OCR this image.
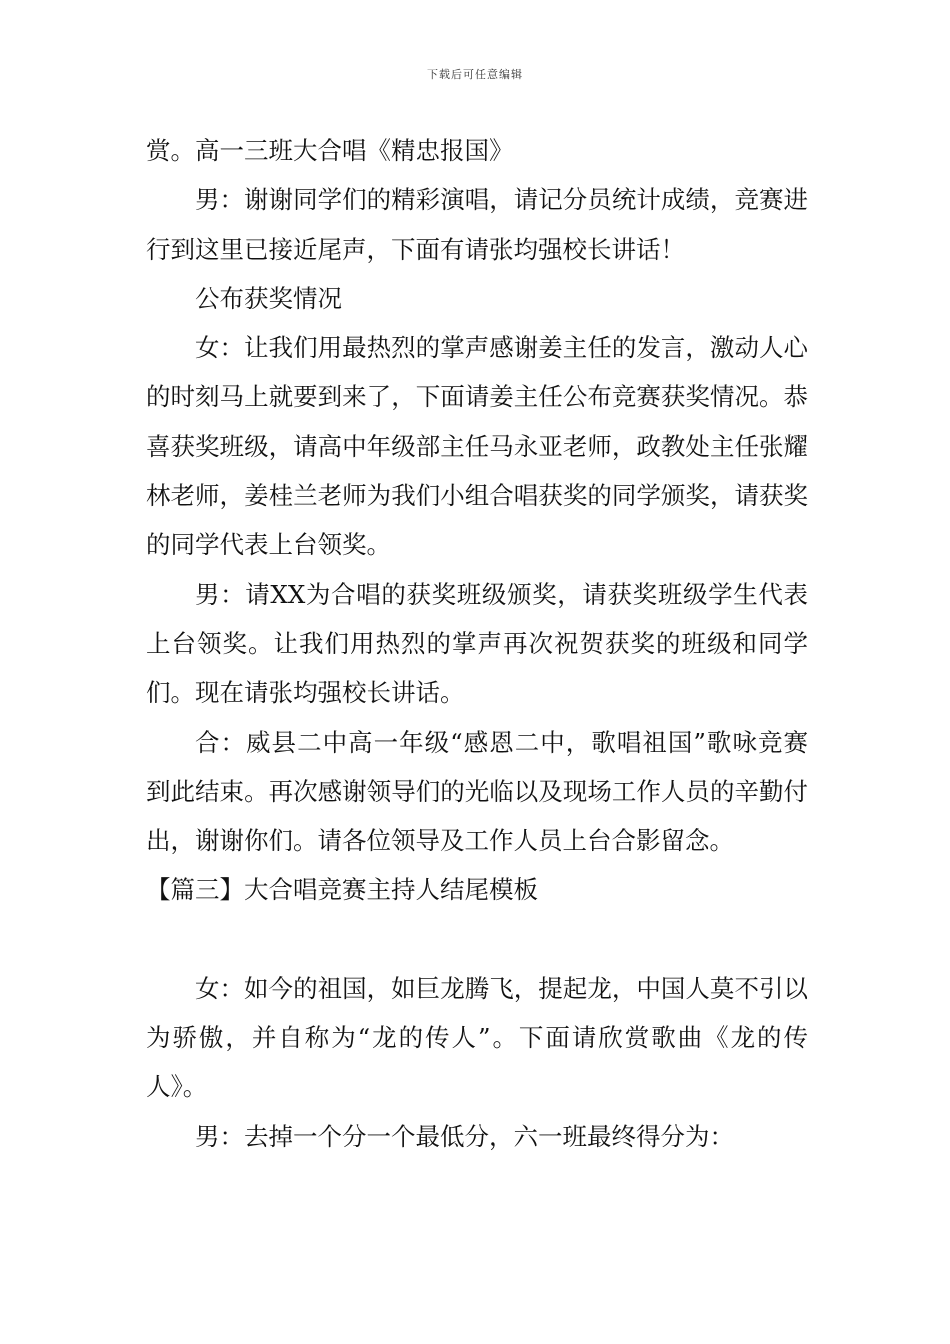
下载后可任意编辑

赏。高一三班大合唱《精忠报国》

男：谢谢同学们的精彩演唱，请记分员统计成绩，竞赛进行到这里已接近尾声，下面有请张均强校长讲话！

公布获奖情况

女：让我们用最热烈的掌声感谢姜主任的发言，激动人心的时刻马上就要到来了，下面请姜主任公布竞赛获奖情况。恭喜获奖班级，请高中年级部主任马永亚老师，政教处主任张耀林老师，姜桂兰老师为我们小组合唱获奖的同学颁奖，请获奖的同学代表上台领奖。

男：请XX为合唱的获奖班级颁奖，请获奖班级学生代表上台领奖。让我们用热烈的掌声再次祝贺获奖的班级和同学们。现在请张均强校长讲话。

合：威县二中高一年级“感恩二中，歌唱祖国”歌咏竞赛到此结束。再次感谢领导们的光临以及现场工作人员的辛勤付出，谢谢你们。请各位领导及工作人员上台合影留念。

【篇三】大合唱竞赛主持人结尾模板

女：如今的祖国，如巨龙腾飞，提起龙，中国人莫不引以为骄傲，并自称为“龙的传人”。下面请欣赏歌曲《龙的传人》。

男：去掉一个分一个最低分，六一班最终得分为：
